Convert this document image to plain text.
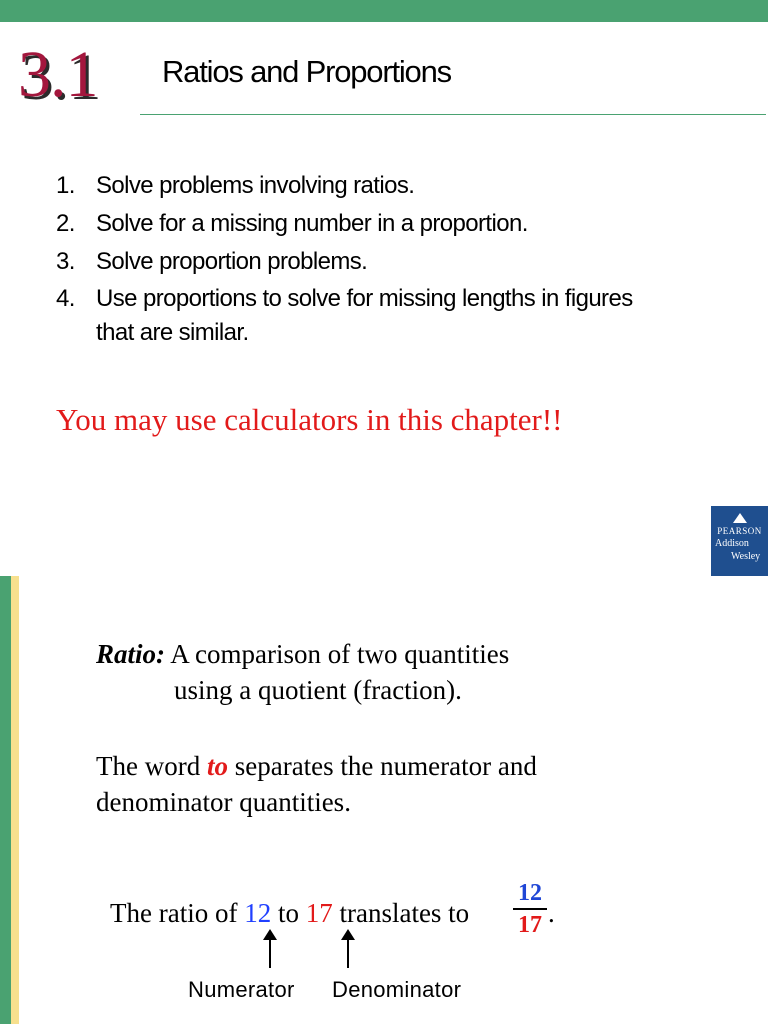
3.1 Ratios and Proportions
1. Solve problems involving ratios.
2. Solve for a missing number in a proportion.
3. Solve proportion problems.
4. Use proportions to solve for missing lengths in figures
that are similar.
You may use calculators in this chapter!!
PEARSON
Addison
Wesley
Ratio: A comparison of two quantities
using a quotient (fraction).
The word to separates the numerator and
denominator quantities.
The ratio of 12 to 17 translates to
12
17 .
Numerator Denominator
